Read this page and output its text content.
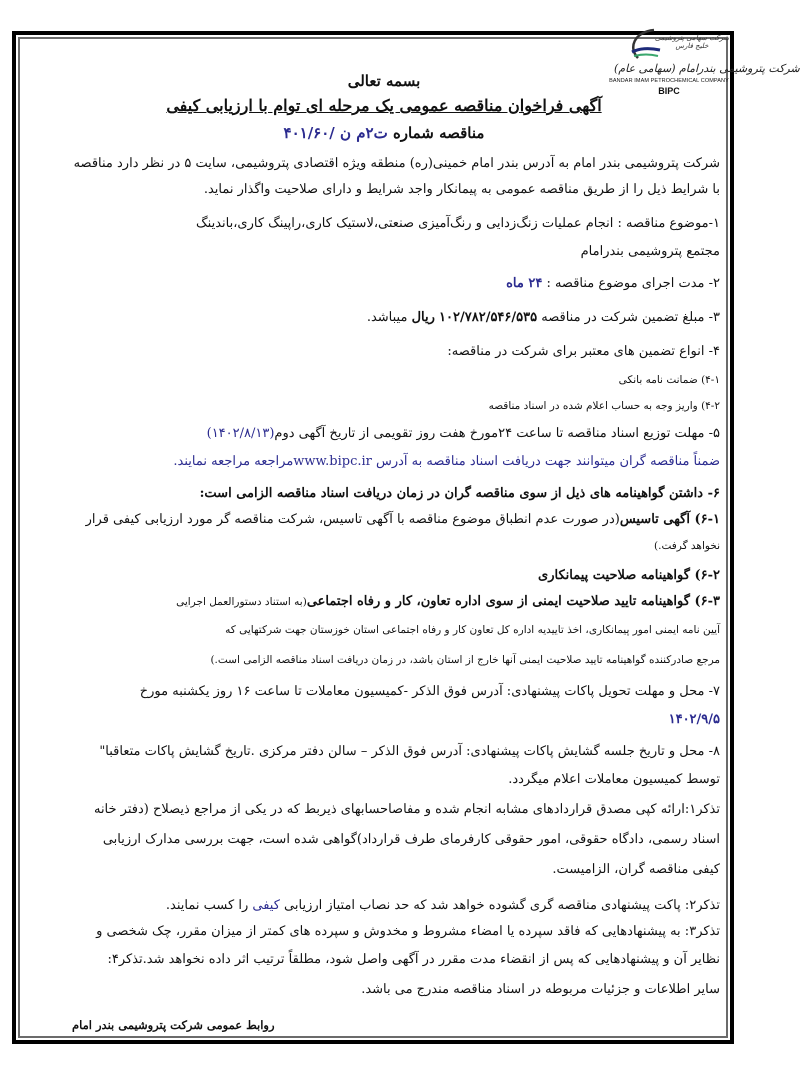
شرکت سهامی پتروشیمی خلیج فارس
شرکت پتروشیمی بندرامام (سهامی عام)
BANDAR IMAM PETROCHEMICAL COMPANY
BIPC
بسمه تعالی
آگهی فراخوان مناقصه عمومی یک مرحله ای توام با ارزیابی کیفی
مناقصه شماره ت۲م ن /۴۰۱/۶۰
شرکت پتروشیمی بندر امام به آدرس بندر امام خمینی(ره) منطقه ویژه اقتصادی پتروشیمی، سایت ۵ در نظر دارد مناقصه
با شرایط ذیل را از طریق مناقصه عمومی به پیمانکار واجد شرایط و دارای صلاحیت واگذار نماید.
۱-موضوع مناقصه : انجام عملیات زنگ‌زدایی و رنگ‌آمیزی صنعتی،لاستیک کاری،راپینگ کاری،باندینگ
مجتمع پتروشیمی بندرامام
۲- مدت اجرای موضوع مناقصه : ۲۴ ماه
۳- مبلغ تضمین شرکت در مناقصه ۱۰۲/۷۸۲/۵۴۶/۵۳۵ ریال میباشد.
۴- انواع تضمین های معتبر برای شرکت در مناقصه:
۴-۱) ضمانت نامه بانکی
۴-۲) واریز وجه به حساب اعلام شده در اسناد مناقصه
۵- مهلت توزیع اسناد مناقصه تا ساعت ۲۴مورخ هفت روز تقویمی از تاریخ آگهی دوم(۱۴۰۲/۸/۱۳)
ضمناً مناقصه گران میتوانند جهت دریافت اسناد مناقصه به آدرس www.bipc.irمراجعه مراجعه نمایند.
۶- داشتن گواهینامه های ذیل از سوی مناقصه گران در زمان دریافت اسناد مناقصه الزامی است:
۶-۱) آگهی تاسیس(در صورت عدم انطباق موضوع مناقصه با آگهی تاسیس، شرکت مناقصه گر مورد ارزیابی کیفی قرار
نخواهد گرفت.)
۶-۲) گواهینامه صلاحیت پیمانکاری
۶-۳) گواهینامه تایید صلاحیت ایمنی از سوی اداره تعاون، کار و رفاه اجتماعی(به استناد دستورالعمل اجرایی
آیین نامه ایمنی امور پیمانکاری، اخذ تاییدیه اداره کل تعاون کار و رفاه اجتماعی استان خوزستان جهت شرکتهایی که
مرجع صادرکننده گواهینامه تایید صلاحیت ایمنی آنها خارج از استان باشد، در زمان دریافت اسناد مناقصه الزامی است.)
۷- محل و مهلت تحویل پاکات پیشنهادی: آدرس فوق الذکر -کمیسیون معاملات تا ساعت ۱۶ روز یکشنبه مورخ
۱۴۰۲/۹/۵
۸- محل و تاریخ جلسه گشایش پاکات پیشنهادی: آدرس فوق الذکر – سالن دفتر مرکزی .تاریخ گشایش پاکات متعاقبا"
توسط کمیسیون معاملات اعلام میگردد.
تذکر۱:ارائه کپی مصدق قراردادهای مشابه انجام شده و مفاصاحسابهای ذیربط که در یکی از مراجع ذیصلاح (دفتر خانه
اسناد رسمی، دادگاه حقوقی، امور حقوقی کارفرمای طرف قرارداد)گواهی شده است، جهت بررسی مدارک ارزیابی
کیفی مناقصه گران، الزامیست.
تذکر۲: پاکت پیشنهادی مناقصه گری گشوده خواهد شد که حد نصاب امتیاز ارزیابی کیفی را کسب نمایند.
تذکر۳: به پیشنهادهایی که فاقد سپرده یا امضاء مشروط و مخدوش و سپرده های کمتر از میزان مقرر، چک شخصی و
نظایر آن و پیشنهادهایی که پس از انقضاء مدت مقرر در آگهی واصل شود، مطلقاً ترتیب اثر داده نخواهد شد.تذکر۴:
سایر اطلاعات و جزئیات مربوطه در اسناد مناقصه مندرج می باشد.
روابط عمومی شرکت پتروشیمی بندر امام
